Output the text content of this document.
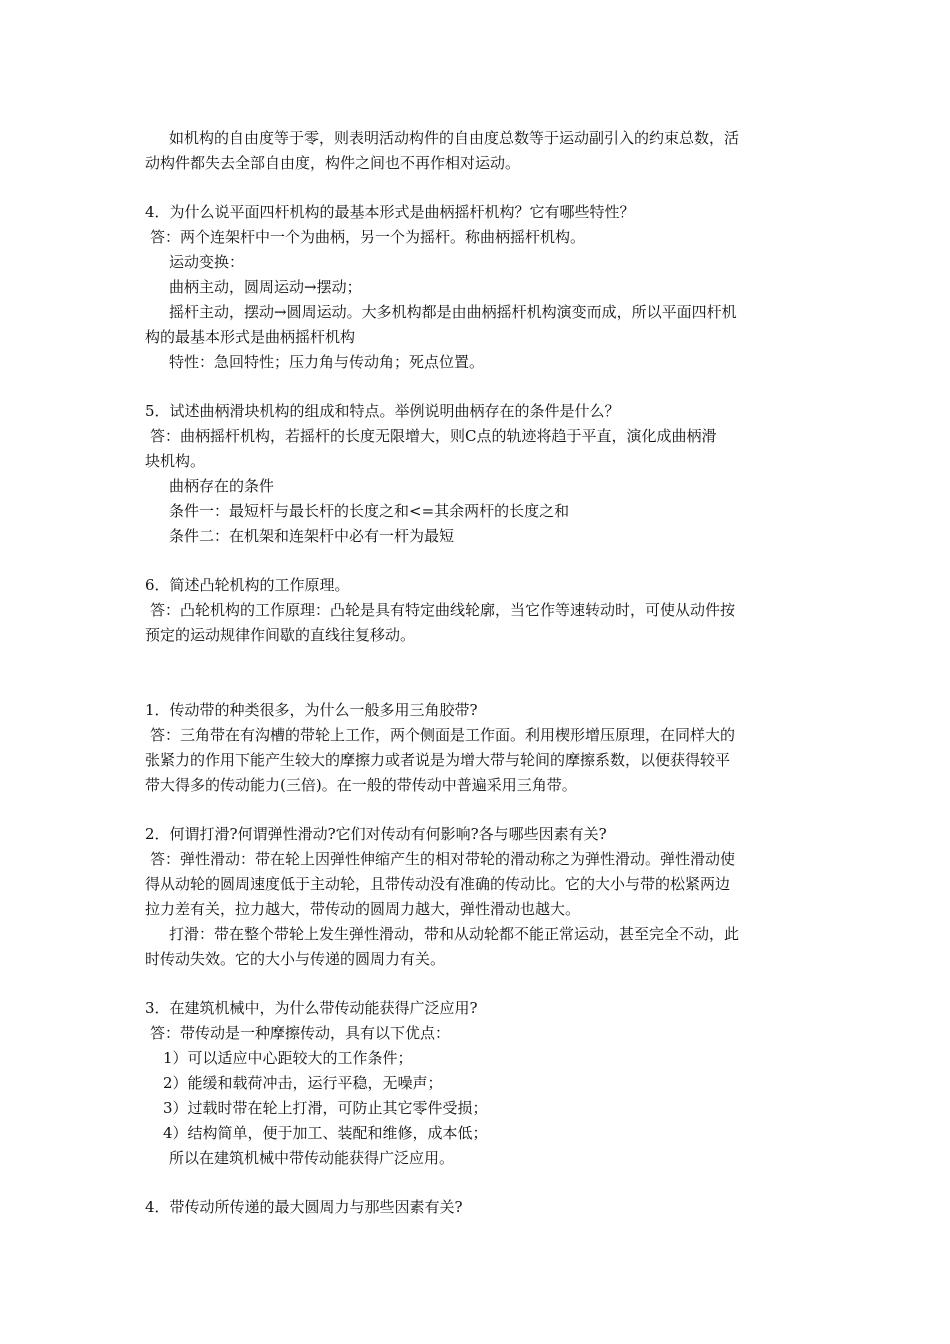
如机构的自由度等于零，则表明活动构件的自由度总数等于运动副引入的约束总数，活
动构件都失去全部自由度，构件之间也不再作相对运动。
4．为什么说平面四杆机构的最基本形式是曲柄摇杆机构？它有哪些特性？
答：两个连架杆中一个为曲柄，另一个为摇杆。称曲柄摇杆机构。
运动变换：
曲柄主动，圆周运动→摆动；
摇杆主动，摆动→圆周运动。大多机构都是由曲柄摇杆机构演变而成，所以平面四杆机
构的最基本形式是曲柄摇杆机构
特性：急回特性；压力角与传动角；死点位置。
5．试述曲柄滑块机构的组成和特点。举例说明曲柄存在的条件是什么？
答：曲柄摇杆机构，若摇杆的长度无限增大，则C点的轨迹将趋于平直，演化成曲柄滑
块机构。
曲柄存在的条件
条件一：最短杆与最长杆的长度之和<=其余两杆的长度之和
条件二：在机架和连架杆中必有一杆为最短
6．简述凸轮机构的工作原理。
答：凸轮机构的工作原理：凸轮是具有特定曲线轮廓，当它作等速转动时，可使从动件按
预定的运动规律作间歇的直线往复移动。
1．传动带的种类很多，为什么一般多用三角胶带?
答：三角带在有沟槽的带轮上工作，两个侧面是工作面。利用楔形增压原理，在同样大的
张紧力的作用下能产生较大的摩擦力或者说是为增大带与轮间的摩擦系数，以便获得较平
带大得多的传动能力(三倍)。在一般的带传动中普遍采用三角带。
2．何谓打滑?何谓弹性滑动?它们对传动有何影响?各与哪些因素有关?
答：弹性滑动：带在轮上因弹性伸缩产生的相对带轮的滑动称之为弹性滑动。弹性滑动使
得从动轮的圆周速度低于主动轮，且带传动没有准确的传动比。它的大小与带的松紧两边
拉力差有关，拉力越大，带传动的圆周力越大，弹性滑动也越大。
打滑：带在整个带轮上发生弹性滑动，带和从动轮都不能正常运动，甚至完全不动，此
时传动失效。它的大小与传递的圆周力有关。
3．在建筑机械中，为什么带传动能获得广泛应用?
答：带传动是一种摩擦传动，具有以下优点：
1）可以适应中心距较大的工作条件；
2）能缓和载荷冲击，运行平稳，无噪声；
3）过载时带在轮上打滑，可防止其它零件受损；
4）结构简单，便于加工、装配和维修，成本低；
所以在建筑机械中带传动能获得广泛应用。
4．带传动所传递的最大圆周力与那些因素有关?
